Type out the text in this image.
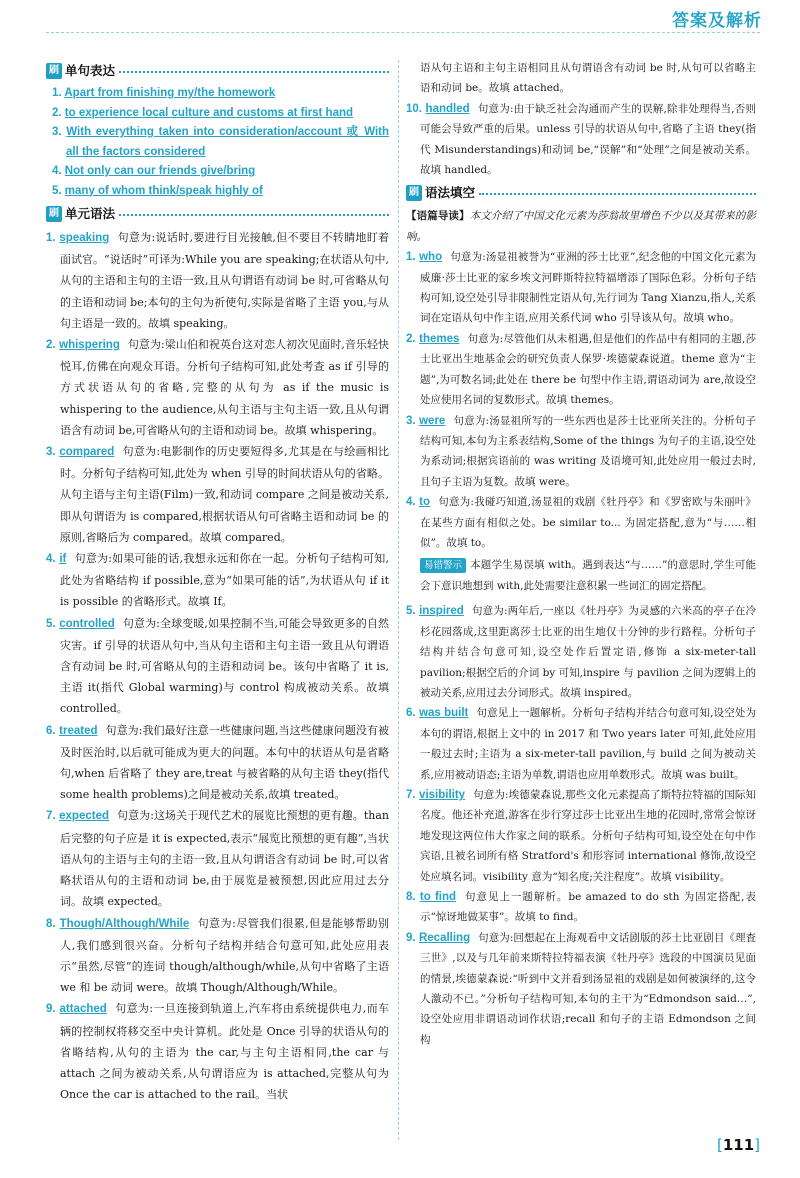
答案及解析
刷 单句表达
1. Apart from finishing my/the homework
2. to experience local culture and customs at first hand
3. With everything taken into consideration/account 或 With all the factors considered
4. Not only can our friends give/bring
5. many of whom think/speak highly of
刷 单元语法

1. speaking 句意为:说话时,要进行目光接触,但不要目不转睛地盯着面试官。“说话时”可译为:While you are speaking;在状语从句中,从句的主语和主句的主语一致,且从句谓语有动词 be 时,可省略从句的主语和动词 be;本句的主句为祈使句,实际是省略了主语 you,与从句主语是一致的。故填 speaking。

2. whispering 句意为:梁山伯和祝英台这对恋人初次见面时,音乐轻快悦耳,仿佛在向观众耳语。分析句子结构可知,此处考查 as if 引导的方式状语从句的省略,完整的从句为 as if the music is whispering to the audience,从句主语与主句主语一致,且从句谓语含有动词 be,可省略从句的主语和动词 be。故填 whispering。

3. compared 句意为:电影制作的历史要短得多,尤其是在与绘画相比时。分析句子结构可知,此处为 when 引导的时间状语从句的省略。从句主语与主句主语(Film)一致,和动词 compare 之间是被动关系,即从句谓语为 is compared,根据状语从句可省略主语和动词 be 的原则,省略后为 compared。故填 compared。

4. if 句意为:如果可能的话,我想永远和你在一起。分析句子结构可知,此处为省略结构 if possible,意为“如果可能的话”,为状语从句 if it is possible 的省略形式。故填 If。

5. controlled 句意为:全球变暖,如果控制不当,可能会导致更多的自然灾害。if 引导的状语从句中,当从句主语和主句主语一致且从句谓语含有动词 be 时,可省略从句的主语和动词 be。该句中省略了 it is,主语 it(指代 Global warming)与 control 构成被动关系。故填 controlled。

6. treated 句意为:我们最好注意一些健康问题,当这些健康问题没有被及时医治时,以后就可能成为更大的问题。本句中的状语从句是省略句,when 后省略了 they are,treat 与被省略的从句主语 they(指代 some health problems)之间是被动关系,故填 treated。

7. expected 句意为:这场关于现代艺术的展览比预想的更有趣。than 后完整的句子应是 it is expected,表示“展览比预想的更有趣”,当状语从句的主语与主句的主语一致,且从句谓语含有动词 be 时,可以省略状语从句的主语和动词 be,由于展览是被预想,因此应用过去分词。故填 expected。

8. Though/Although/While 句意为:尽管我们很累,但是能够帮助别人,我们感到很兴奋。分析句子结构并结合句意可知,此处应用表示“虽然,尽管”的连词 though/although/while,从句中省略了主语 we 和 be 动词 were。故填 Though/Although/While。

9. attached 句意为:一旦连接到轨道上,汽车将由系统提供电力,而车辆的控制权将移交至中央计算机。此处是 Once 引导的状语从句的省略结构,从句的主语为 the car,与主句主语相同,the car 与 attach 之间为被动关系,从句谓语应为 is attached,完整从句为 Once the car is attached to the rail。当状

语从句主语和主句主语相同且从句谓语含有动词 be 时,从句可以省略主语和动词 be。故填 attached。

10. handled 句意为:由于缺乏社会沟通而产生的误解,除非处理得当,否则可能会导致严重的后果。unless 引导的状语从句中,省略了主语 they(指代 Misunderstandings)和动词 be,“误解”和“处理”之间是被动关系。故填 handled。

刷 语法填空

【语篇导读】本文介绍了中国文化元素为莎翁故里增色不少以及其带来的影响。

1. who 句意为:汤显祖被誉为“亚洲的莎士比亚”,纪念他的中国文化元素为威廉·莎士比亚的家乡埃文河畔斯特拉特福增添了国际色彩。分析句子结构可知,设空处引导非限制性定语从句,先行词为 Tang Xianzu,指人,关系词在定语从句中作主语,应用关系代词 who 引导该从句。故填 who。

2. themes 句意为:尽管他们从未相遇,但是他们的作品中有相同的主题,莎士比亚出生地基金会的研究负责人保罗·埃德蒙森说道。theme 意为“主题”,为可数名词;此处在 there be 句型中作主语,谓语动词为 are,故设空处应使用名词的复数形式。故填 themes。

3. were 句意为:汤显祖所写的一些东西也是莎士比亚所关注的。分析句子结构可知,本句为主系表结构,Some of the things 为句子的主语,设空处为系动词;根据宾语前的 was writing 及语境可知,此处应用一般过去时,且句子主语为复数。故填 were。

4. to 句意为:我碰巧知道,汤显祖的戏剧《牡丹亭》和《罗密欧与朱丽叶》在某些方面有相似之处。be similar to... 为固定搭配,意为“与……相似”。故填 to。

易错警示 本题学生易误填 with。遇到表达“与……”的意思时,学生可能会下意识地想到 with,此处需要注意积累一些词汇的固定搭配。

5. inspired 句意为:两年后,一座以《牡丹亭》为灵感的六米高的亭子在冷杉花园落成,这里距离莎士比亚的出生地仅十分钟的步行路程。分析句子结构并结合句意可知,设空处作后置定语,修饰 a six-meter-tall pavilion;根据空后的介词 by 可知,inspire 与 pavilion 之间为逻辑上的被动关系,应用过去分词形式。故填 inspired。

6. was built 句意见上一题解析。分析句子结构并结合句意可知,设空处为本句的谓语,根据上文中的 in 2017 和 Two years later 可知,此处应用一般过去时;主语为 a six-meter-tall pavilion,与 build 之间为被动关系,应用被动语态;主语为单数,谓语也应用单数形式。故填 was built。

7. visibility 句意为:埃德蒙森说,那些文化元素提高了斯特拉特福的国际知名度。他还补充道,游客在步行穿过莎士比亚出生地的花园时,常常会惊讶地发现这两位伟大作家之间的联系。分析句子结构可知,设空处在句中作宾语,且被名词所有格 Stratford's 和形容词 international 修饰,故设空处应填名词。visibility 意为“知名度;关注程度”。故填 visibility。

8. to find 句意见上一题解析。be amazed to do sth 为固定搭配,表示“惊讶地做某事”。故填 to find。

9. Recalling 句意为:回想起在上海观看中文话剧版的莎士比亚剧目《理査三世》,以及与几年前来斯特拉特福表演《牡丹亭》选段的中国演员见面的情景,埃德蒙森说:“听到中文并看到汤显祖的戏剧是如何被演绎的,这令人激动不已。”分析句子结构可知,本句的主干为“Edmondson said…”,设空处应用非谓语动词作状语;recall 和句子的主语 Edmondson 之间构

[111]
